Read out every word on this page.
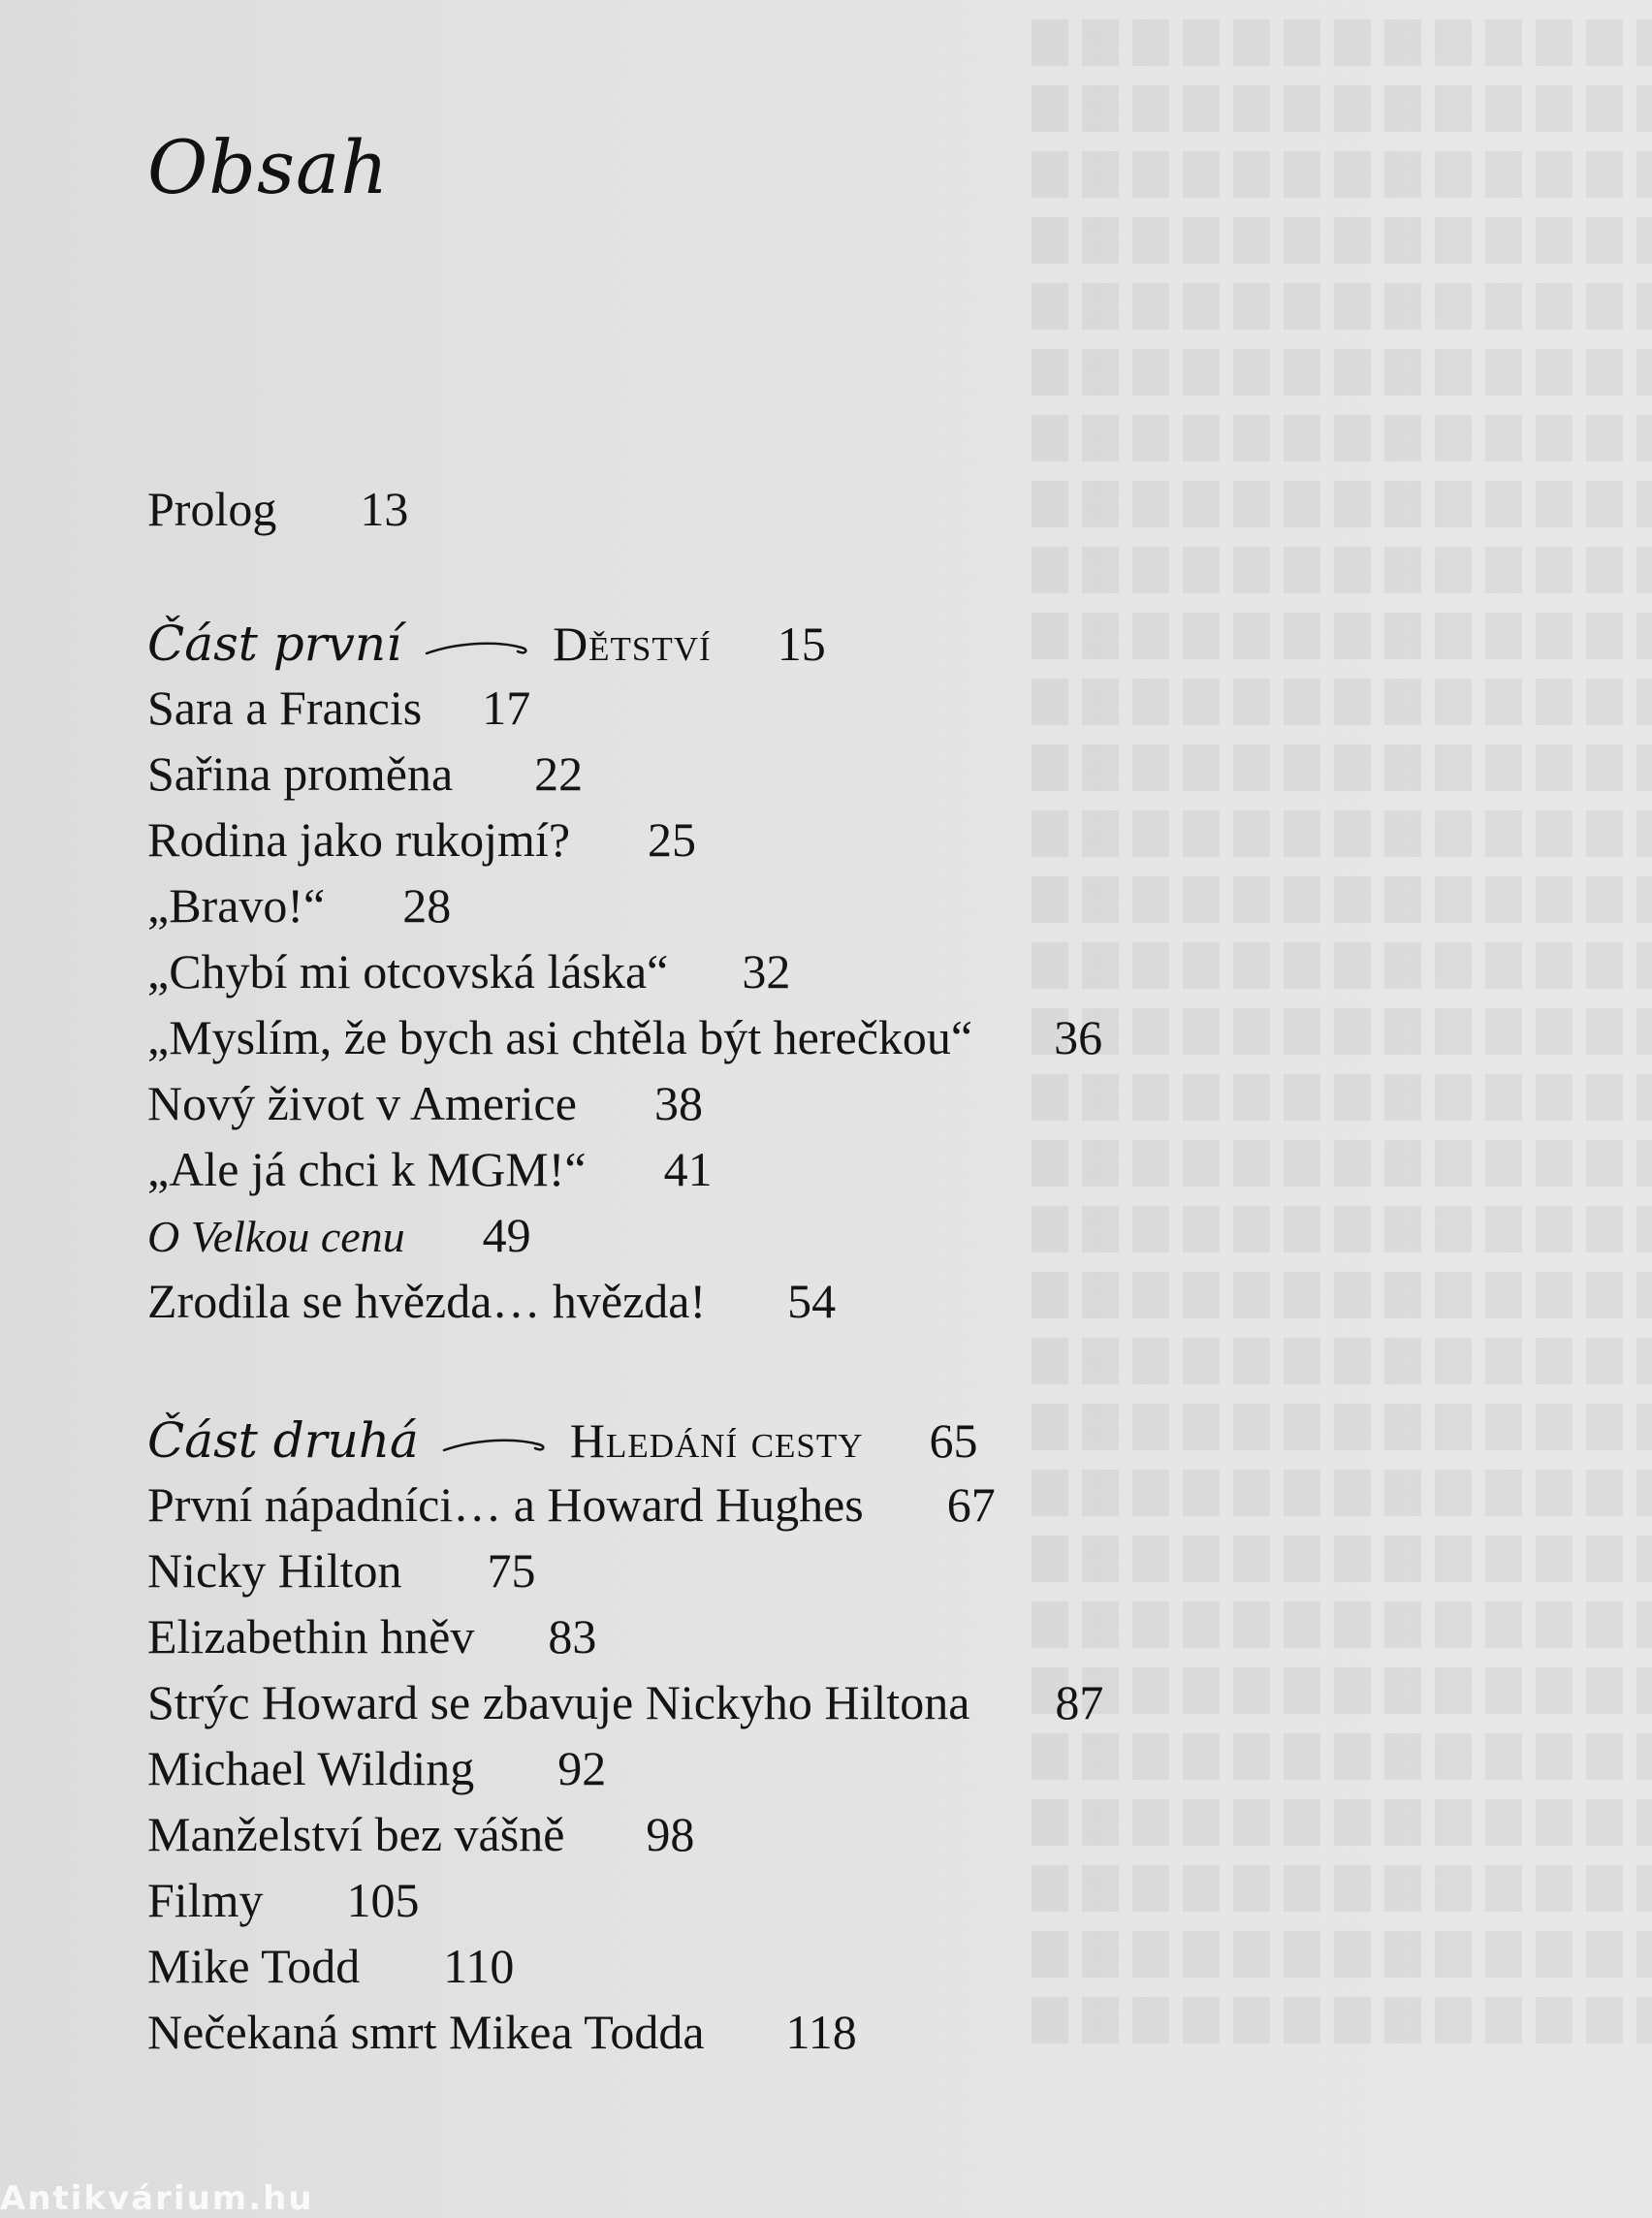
Obsah
Prolog 13
Část první	Dětství 15
Sara a Francis 17
Sařina proměna 22
Rodina jako rukojmí? 25
„Bravo!“ 28
„Chybí mi otcovská láska“ 32
„Myslím, že bych asi chtěla být herečkou“ 36
Nový život v Americe 38
„Ale já chci k MGM!“ 41
O Velkou cenu 49
Zrodila se hvězda… hvězda! 54
Část druhá	Hledání cesty 65
První nápadníci… a Howard Hughes 67
Nicky Hilton 75
Elizabethin hněv 83
Strýc Howard se zbavuje Nickyho Hiltona 87
Michael Wilding 92
Manželství bez vášně 98
Filmy 105
Mike Todd 110
Nečekaná smrt Mikea Todda 118
Antikvárium.hu
